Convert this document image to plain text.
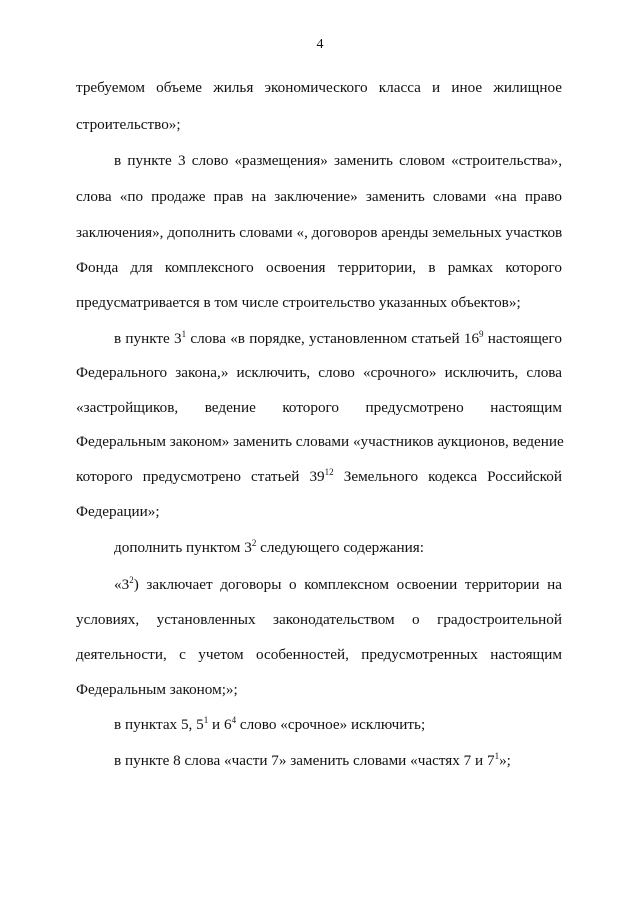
4
требуемом объеме жилья экономического класса и иное жилищное
строительство»;
в пункте 3 слово «размещения» заменить словом «строительства»,
слова «по продаже прав на заключение» заменить словами «на право
заключения», дополнить словами «, договоров аренды земельных участков
Фонда для комплексного освоения территории, в рамках которого
предусматривается в том числе строительство указанных объектов»;
в пункте $3^1$ слова «в порядке, установленном статьей $16^9$ настоящего
Федерального закона,» исключить, слово «срочного» исключить, слова
«застройщиков, ведение которого предусмотрено настоящим
Федеральным законом» заменить словами «участников аукционов, ведение
которого предусмотрено статьей $39^{12}$ Земельного кодекса Российской
Федерации»;
дополнить пунктом $3^2$ следующего содержания:
«$3^2$) заключает договоры о комплексном освоении территории на
условиях, установленных законодательством о градостроительной
деятельности, с учетом особенностей, предусмотренных настоящим
Федеральным законом;»;
в пунктах 5, $5^1$ и $6^4$ слово «срочное» исключить;
в пункте 8 слова «части 7» заменить словами «частях 7 и $7^1$»;
